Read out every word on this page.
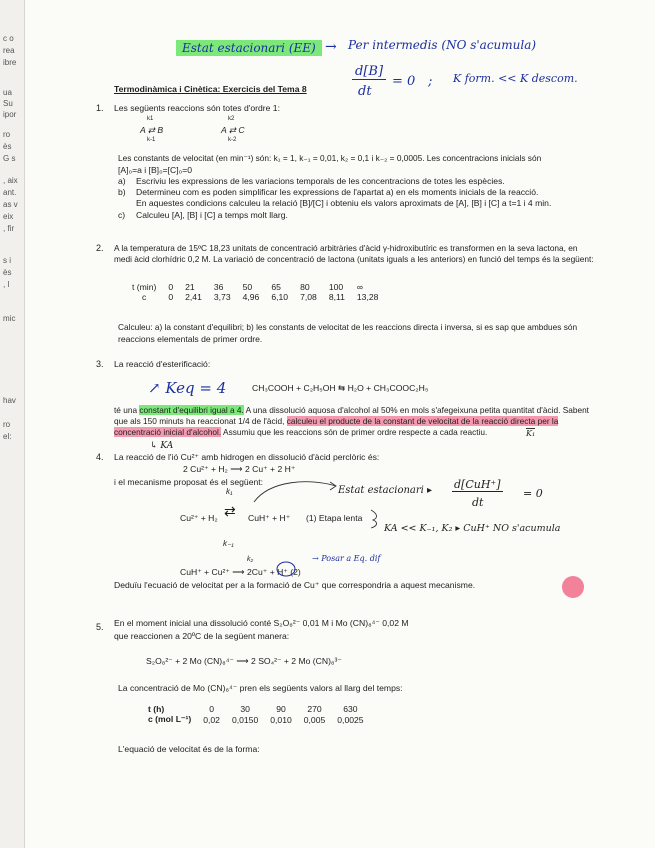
c o
rea
ibre
ua
Su
ipor
ro
ès
G s
, aix
ant.
as v
eix
, fir
s i
ès
, l
mic
hav
ro
el:
Estat estacionari (EE) → Per intermedis (NO s'acumula)
d[B]
dt
= 0 ; K form. << K descom.
Termodinàmica i Cinètica: Exercicis del Tema 8
1. Les següents reaccions són totes d'ordre 1:
k1
A ⇄ B
k-1
k2
A ⇄ C
k-2
Les constants de velocitat (en min⁻¹) són: k₁ = 1, k₋₁ = 0,01, k₂ = 0,1 i k₋₂ = 0,0005. Les concentracions inicials són
[A]₀=a i [B]₀=[C]₀=0
a) Escriviu les expressions de les variacions temporals de les concentracions de totes les espècies.
b) Determineu com es poden simplificar les expressions de l'apartat a) en els moments inicials de la reacció.
En aquestes condicions calculeu la relació [B]/[C] i obteniu els valors aproximats de [A], [B] i [C] a t=1 i 4 min.
c) Calculeu [A], [B] i [C] a temps molt llarg.
2. A la temperatura de 15ºC 18,23 unitats de concentració arbitràries d'àcid γ-hidroxibutíric es transformen en la seva lactona, en
medi àcid clorhídric 0,2 M. La variació de concentració de lactona (unitats iguals a les anteriors) en funció del temps és la següent:
t (min)	0	21	36	50	65	80	100	∞
c	0	2,41	3,73	4,96	6,10	7,08	8,11	13,28
Calculeu: a) la constant d'equilibri; b) les constants de velocitat de les reaccions directa i inversa, si es sap que ambdues són
reaccions elementals de primer ordre.
3. La reacció d'esterificació:
↗ Keq = 4	CH₃COOH + C₂H₅OH ⇆ H₂O + CH₃COOC₂H₅
té una constant d'equilibri igual a 4. A una dissolució aquosa d'alcohol al 50% en mols s'afegeixuna petita quantitat d'àcid. Sabent
que als 150 minuts ha reaccionat 1/4 de l'àcid, calculeu el producte de la constant de velocitat de la reacció directa per la
concentració inicial d'alcohol. Assumiu que les reaccions són de primer ordre respecte a cada reactiu.	K₁
↳ KA
4. La reacció de l'ió Cu²⁺ amb hidrogen en dissolució d'àcid perclòric és:
2 Cu²⁺ + H₂ ⟶ 2 Cu⁺ + 2 H⁺
i el mecanisme proposat és el següent:
k₁
Cu²⁺ + H₂ ⇄ CuH⁺ + H⁺ (1) Etapa lenta
k₋₁
k₂
CuH⁺ + Cu²⁺ ⟶ 2Cu⁺ + H⁺ (2)
Deduïu l'ecuació de velocitat per a la formació de Cu⁺ que correspondria a aquest mecanisme.
→ Posar a Eq. dif
Estat estacionari ▸ d[CuH⁺]
dt
= 0
KA << K₋₁, K₂ ▸ CuH⁺ NO s'acumula
5. En el moment inicial una dissolució conté S₂O₈²⁻ 0,01 M i Mo (CN)₈⁴⁻ 0,02 M
que reaccionen a 20ºC de la següent manera:
S₂O₈²⁻ + 2 Mo (CN)₈⁴⁻ ⟶ 2 SO₄²⁻ + 2 Mo (CN)₈³⁻
La concentració de Mo (CN)₈⁴⁻ pren els següents valors al llarg del temps:
t (h)	0	30	90	270	630
c (mol L⁻¹)	0,02	0,0150	0,010	0,005	0,0025
L'equació de velocitat és de la forma:
